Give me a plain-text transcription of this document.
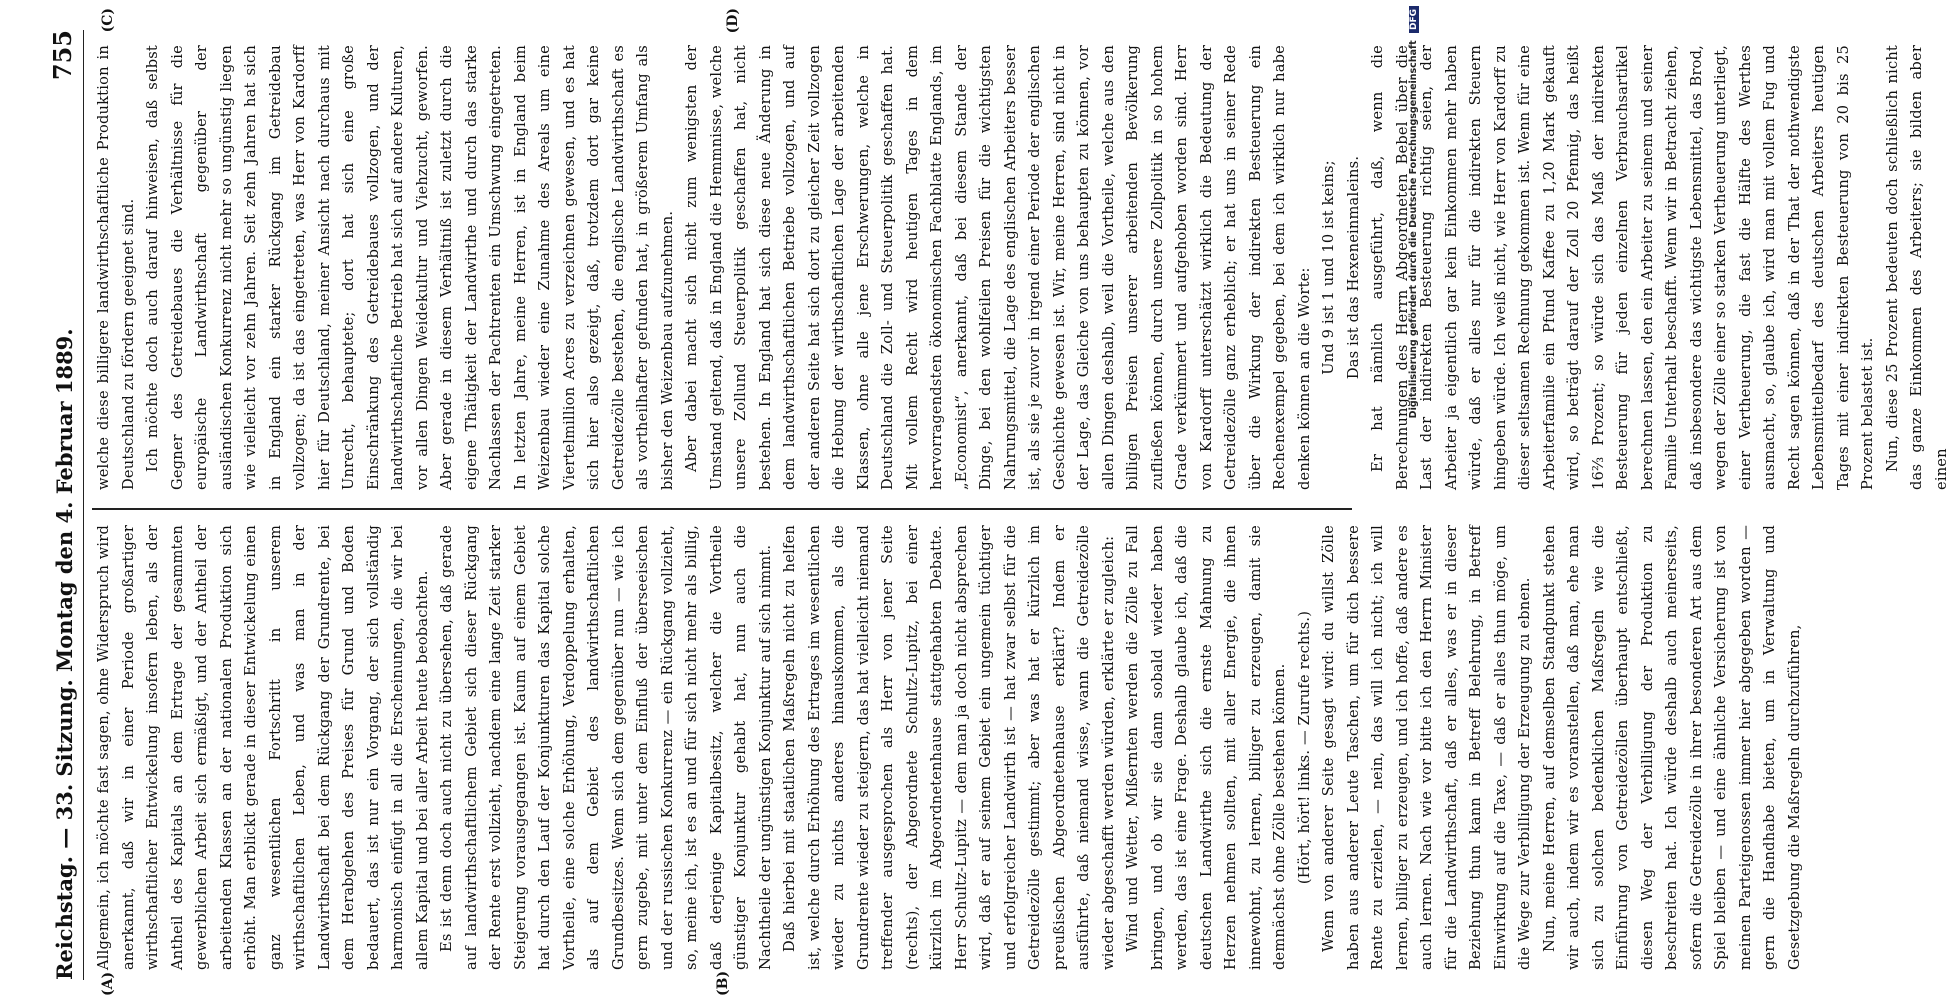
Reichstag. — 33. Sitzung. Montag den 4. Februar 1889.
755
(A)	(B)
(C)	(D)

Allgemein, ich möchte fast sagen, ohne Widerspruch wird anerkannt, daß wir in einer Periode großartiger wirthschaftlicher Entwickelung insofern leben, als der Antheil des Kapitals an dem Ertrage der gesammten gewerblichen Arbeit sich ermäßigt, und der Antheil der arbeitenden Klassen an der nationalen Produktion sich erhöht. Man erblickt gerade in dieser Entwickelung einen ganz wesentlichen Fortschritt in unserem wirthschaftlichen Leben, und was man in der Landwirthschaft bei dem Rückgang der Grundrente, bei dem Herabgehen des Preises für Grund und Boden bedauert, das ist nur ein Vorgang, der sich vollständig harmonisch einfügt in all die Erscheinungen, die wir bei allem Kapital und bei aller Arbeit heute beobachten. Es ist denn doch auch nicht zu übersehen, daß gerade auf landwirthschaftlichem Gebiet sich dieser Rückgang der Rente erst vollzieht, nachdem eine lange Zeit starker Steigerung vorausgegangen ist. Kaum auf einem Gebiet hat durch den Lauf der Konjunkturen das Kapital solche Vortheile, eine solche Erhöhung, Verdoppelung erhalten, als auf dem Gebiet des landwirthschaftlichen Grundbesitzes. Wenn sich dem gegenüber nun — wie ich gern zugebe, mit unter dem Einfluß der überseeischen und der russischen Konkurrenz — ein Rückgang vollzieht, so, meine ich, ist es an und für sich nicht mehr als billig, daß derjenige Kapitalbesitz, welcher die Vortheile günstiger Konjunktur gehabt hat, nun auch die Nachtheile der ungünstigen Konjunktur auf sich nimmt. Daß hierbei mit staatlichen Maßregeln nicht zu helfen ist, welche durch Erhöhung des Ertrages im wesentlichen wieder zu nichts anderes hinauskommen, als die Grundrente wieder zu steigern, das hat vielleicht niemand treffender ausgesprochen als Herr von jener Seite (rechts), der Abgeordnete Schultz-Lupitz, bei einer kürzlich im Abgeordnetenhause stattgehabten Debatte. Herr Schultz-Lupitz — dem man ja doch nicht absprechen wird, daß er auf seinem Gebiet ein ungemein tüchtiger und erfolgreicher Landwirth ist — hat zwar selbst für die Getreidezölle gestimmt; aber was hat er kürzlich im preußischen Abgeordnetenhause erklärt? Indem er ausführte, daß niemand wisse, wann die Getreidezölle wieder abgeschafft werden würden, erklärte er zugleich: Wind und Wetter, Mißernten werden die Zölle zu Fall bringen, und ob wir sie dann sobald wieder haben werden, das ist eine Frage. Deshalb glaube ich, daß die deutschen Landwirthe sich die ernste Mahnung zu Herzen nehmen sollten, mit aller Energie, die ihnen innewohnt, zu lernen, billiger zu erzeugen, damit sie demnächst ohne Zölle bestehen können. (Hört, hört! links. — Zurufe rechts.) Wenn von anderer Seite gesagt wird: du willst Zölle haben aus anderer Leute Taschen, um für dich bessere Rente zu erzielen, — nein, das will ich nicht; ich will lernen, billiger zu erzeugen, und ich hoffe, daß andere es auch lernen. Nach wie vor bitte ich den Herrn Minister für die Landwirthschaft, daß er alles, was er in dieser Beziehung thun kann in Betreff Belehrung, in Betreff Einwirkung auf die Taxe, — daß er alles thun möge, um die Wege zur Verbilligung der Erzeugung zu ebnen. Nun, meine Herren, auf demselben Standpunkt stehen wir auch, indem wir es voranstellen, daß man, ehe man sich zu solchen bedenklichen Maßregeln wie die Einführung von Getreidezöllen überhaupt entschließt, diesen Weg der Verbilligung der Produktion zu beschreiten hat. Ich würde deshalb auch meinerseits, sofern die Getreidezölle in ihrer besonderen Art aus dem Spiel bleiben — und eine ähnliche Versicherung ist von meinen Parteigenossen immer hier abgegeben worden — gern die Handhabe bieten, um in Verwaltung und Gesetzgebung die Maßregeln durchzuführen,

welche diese billigere landwirthschaftliche Produktion in Deutschland zu fördern geeignet sind. Ich möchte doch auch darauf hinweisen, daß selbst Gegner des Getreidebaues die Verhältnisse für die europäische Landwirthschaft gegenüber der ausländischen Konkurrenz nicht mehr so ungünstig liegen wie vielleicht vor zehn Jahren. Seit zehn Jahren hat sich in England ein starker Rückgang im Getreidebau vollzogen; da ist das eingetreten, was Herr von Kardorff hier für Deutschland, meiner Ansicht nach durchaus mit Unrecht, behauptete; dort hat sich eine große Einschränkung des Getreidebaues vollzogen, und der landwirthschaftliche Betrieb hat sich auf andere Kulturen, vor allen Dingen Weidekultur und Viehzucht, geworfen. Aber gerade in diesem Verhältniß ist zuletzt durch die eigene Thätigkeit der Landwirthe und durch das starke Nachlassen der Pachtrenten ein Umschwung eingetreten. In letzten Jahre, meine Herren, ist in England beim Weizenbau wieder eine Zunahme des Areals um eine Viertelmillion Acres zu verzeichnen gewesen, und es hat sich hier also gezeigt, daß, trotzdem dort gar keine Getreidezölle bestehen, die englische Landwirthschaft es als vortheilhafter gefunden hat, in größerem Umfang als bisher den Weizenbau aufzunehmen. Aber dabei macht sich nicht zum wenigsten der Umstand geltend, daß in England die Hemmnisse, welche unsere Zollund Steuerpolitik geschaffen hat, nicht bestehen. In England hat sich diese neue Änderung in dem landwirthschaftlichen Betriebe vollzogen, und auf der anderen Seite hat sich dort zu gleicher Zeit vollzogen die Hebung der wirthschaftlichen Lage der arbeitenden Klassen, ohne alle jene Erschwerungen, welche in Deutschland die Zoll- und Steuerpolitik geschaffen hat. Mit vollem Recht wird heutigen Tages in dem hervorragendsten ökonomischen Fachblatte Englands, im „Economist“, anerkannt, daß bei diesem Stande der Dinge, bei den wohlfeilen Preisen für die wichtigsten Nahrungsmittel, die Lage des englischen Arbeiters besser ist, als sie je zuvor in irgend einer Periode der englischen Geschichte gewesen ist. Wir, meine Herren, sind nicht in der Lage, das Gleiche von uns behaupten zu können, vor allen Dingen deshalb, weil die Vortheile, welche aus den billigen Preisen unserer arbeitenden Bevölkerung zufließen können, durch unsere Zollpolitik in so hohem Grade verkümmert und aufgehoben worden sind. Herr von Kardorff unterschätzt wirklich die Bedeutung der Getreidezölle ganz erheblich; er hat uns in seiner Rede über die Wirkung der indirekten Besteuerung ein Rechenexempel gegeben, bei dem ich wirklich nur habe denken können an die Worte: Und 9 ist 1 und 10 ist keins; Das ist das Hexeneinmaleins. Er hat nämlich ausgeführt, daß, wenn die Berechnungen des Herrn Abgeordneten Bebel über die Last der indirekten Besteuerung richtig seien, der Arbeiter ja eigentlich gar kein Einkommen mehr haben würde, daß er alles nur für die indirekten Steuern hingeben würde. Ich weiß nicht, wie Herr von Kardorff zu dieser seltsamen Rechnung gekommen ist. Wenn für eine Arbeiterfamilie ein Pfund Kaffee zu 1,20 Mark gekauft wird, so beträgt darauf der Zoll 20 Pfennig, das heißt 16⅔ Prozent; so würde sich das Maß der indirekten Besteuerung für jeden einzelnen Verbrauchsartikel berechnen lassen, den ein Arbeiter zu seinem und seiner Familie Unterhalt beschafft. Wenn wir in Betracht ziehen, daß insbesondere das wichtigste Lebensmittel, das Brod, wegen der Zölle einer so starken Vertheuerung unterliegt, einer Vertheuerung, die fast die Hälfte des Werthes ausmacht, so, glaube ich, wird man mit vollem Fug und Recht sagen können, daß in der That der nothwendigste Lebensmittelbedarf des deutschen Arbeiters heutigen Tages mit einer indirekten Besteuerung von 20 bis 25 Prozent belastet ist. Nun, diese 25 Prozent bedeuten doch schließlich nicht das ganze Einkommen des Arbeiters; sie bilden aber einen

Digitalisierung gefördert durch die Deutsche Forschungsgemeinschaft DFG
